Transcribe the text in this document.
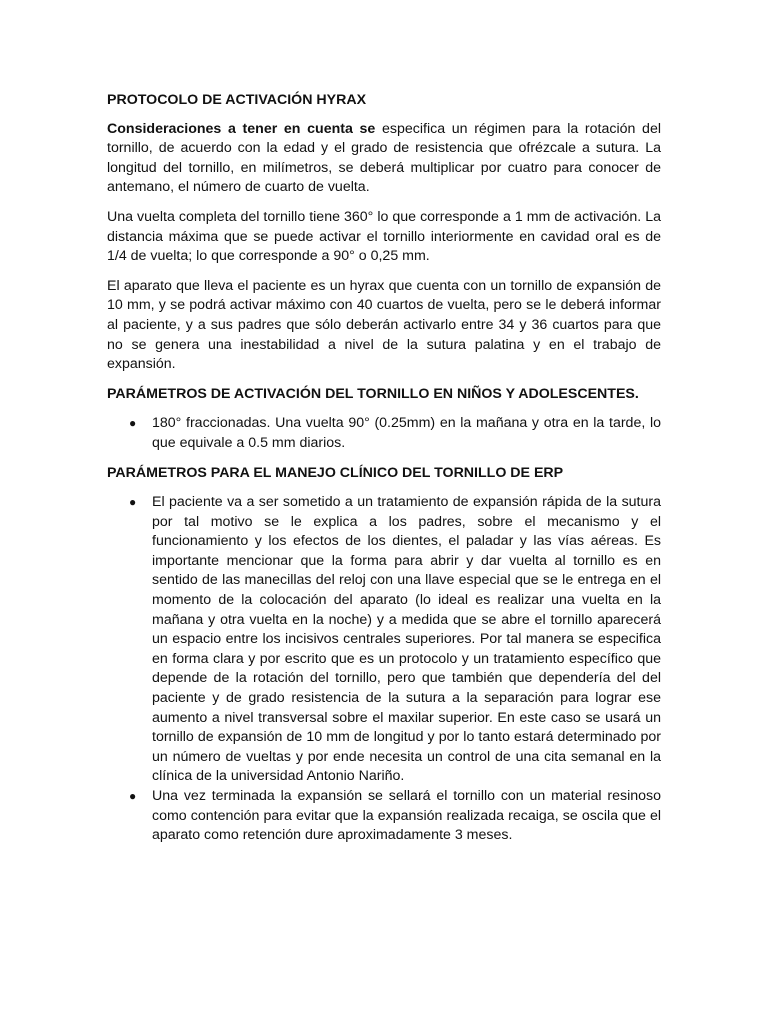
PROTOCOLO DE ACTIVACIÓN HYRAX

Consideraciones a tener en cuenta se especifica un régimen para la rotación del tornillo, de acuerdo con la edad y el grado de resistencia que ofrézcale a sutura. La longitud del tornillo, en milímetros, se deberá multiplicar por cuatro para conocer de antemano, el número de cuarto de vuelta.

Una vuelta completa del tornillo tiene 360° lo que corresponde a 1 mm de activación. La distancia máxima que se puede activar el tornillo interiormente en cavidad oral es de 1/4 de vuelta; lo que corresponde a 90° o 0,25 mm.

El aparato que lleva el paciente es un hyrax que cuenta con un tornillo de expansión de 10 mm, y se podrá activar máximo con 40 cuartos de vuelta, pero se le deberá informar al paciente, y a sus padres que sólo deberán activarlo entre 34 y 36 cuartos para que no se genera una inestabilidad a nivel de la sutura palatina y en el trabajo de expansión.

PARÁMETROS DE ACTIVACIÓN DEL TORNILLO EN NIÑOS Y ADOLESCENTES.
● 180° fraccionadas. Una vuelta 90° (0.25mm) en la mañana y otra en la tarde, lo que equivale a 0.5 mm diarios.
PARÁMETROS PARA EL MANEJO CLÍNICO DEL TORNILLO DE ERP
● El paciente va a ser sometido a un tratamiento de expansión rápida de la sutura por tal motivo se le explica a los padres, sobre el mecanismo y el funcionamiento y los efectos de los dientes, el paladar y las vías aéreas. Es importante mencionar que la forma para abrir y dar vuelta al tornillo es en sentido de las manecillas del reloj con una llave especial que se le entrega en el momento de la colocación del aparato (lo ideal es realizar una vuelta en la mañana y otra vuelta en la noche) y a medida que se abre el tornillo aparecerá un espacio entre los incisivos centrales superiores. Por tal manera se especifica en forma clara y por escrito que es un protocolo y un tratamiento específico que depende de la rotación del tornillo, pero que también que dependería del del paciente y de grado resistencia de la sutura a la separación para lograr ese aumento a nivel transversal sobre el maxilar superior. En este caso se usará un tornillo de expansión de 10 mm de longitud y por lo tanto estará determinado por un número de vueltas y por ende necesita un control de una cita semanal en la clínica de la universidad Antonio Nariño.
● Una vez terminada la expansión se sellará el tornillo con un material resinoso como contención para evitar que la expansión realizada recaiga, se oscila que el aparato como retención dure aproximadamente 3 meses.
